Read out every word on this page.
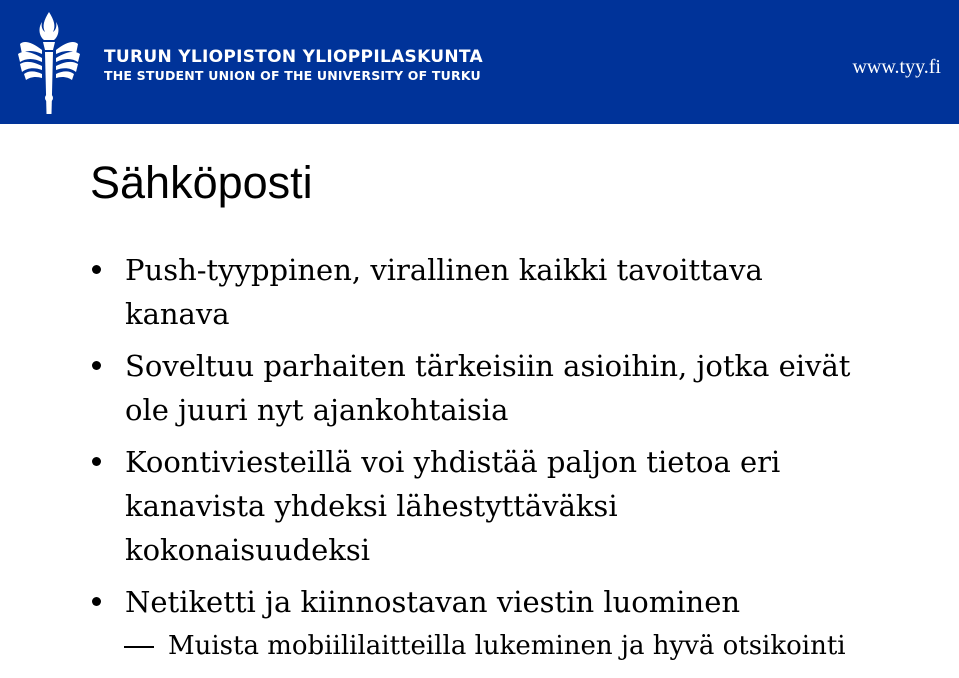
TURUN YLIOPISTON YLIOPPILASKUNTA
THE STUDENT UNION OF THE UNIVERSITY OF TURKU	www.tyy.fi
Sähköposti
Push-tyyppinen, virallinen kaikki tavoittava kanava
Soveltuu parhaiten tärkeisiin asioihin, jotka eivät ole juuri nyt ajankohtaisia
Koontiviesteillä voi yhdistää paljon tietoa eri kanavista yhdeksi lähestyttäväksi kokonaisuudeksi
Netiketti ja kiinnostavan viestin luominen
Muista mobiililaitteilla lukeminen ja hyvä otsikointi
